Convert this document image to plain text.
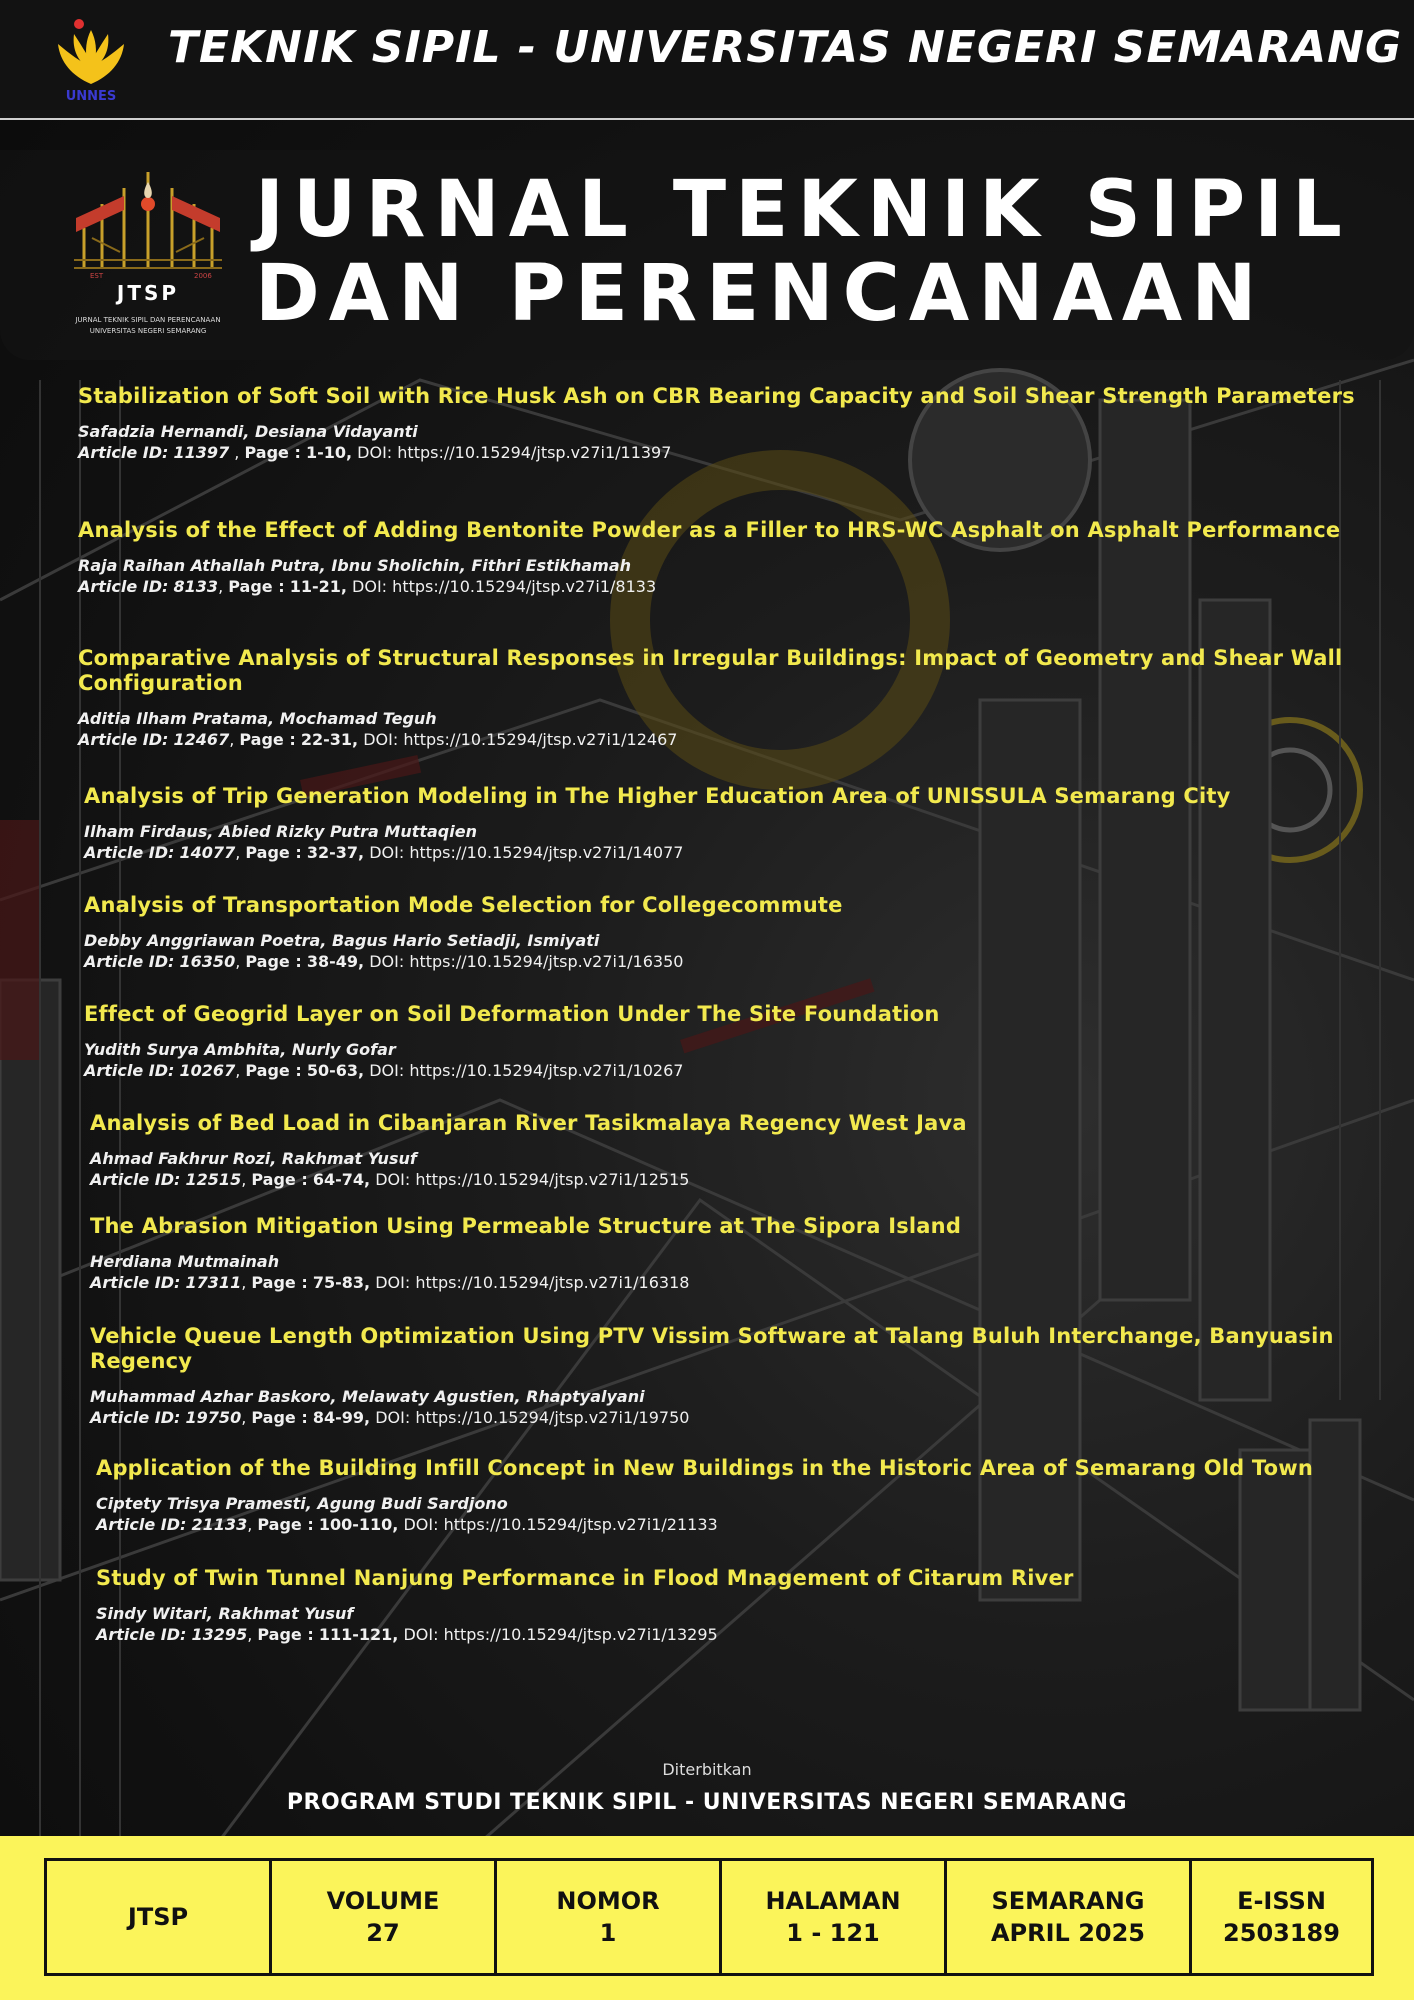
UNNES
TEKNIK SIPIL - UNIVERSITAS NEGERI SEMARANG
EST	2006
JTSP
JURNAL TEKNIK SIPIL DAN PERENCANAAN
UNIVERSITAS NEGERI SEMARANG
JURNAL TEKNIK SIPIL
DAN PERENCANAAN
Stabilization of Soft Soil with Rice Husk Ash on CBR Bearing Capacity and Soil Shear Strength Parameters
Safadzia Hernandi, Desiana Vidayanti
Article ID: 11397 , Page : 1-10, DOI: https://10.15294/jtsp.v27i1/11397
Analysis of the Effect of Adding Bentonite Powder as a Filler to HRS-WC Asphalt on Asphalt Performance
Raja Raihan Athallah Putra, Ibnu Sholichin, Fithri Estikhamah
Article ID: 8133, Page : 11-21, DOI: https://10.15294/jtsp.v27i1/8133
Comparative Analysis of Structural Responses in Irregular Buildings: Impact of Geometry and Shear Wall Configuration
Aditia Ilham Pratama, Mochamad Teguh
Article ID: 12467, Page : 22-31, DOI: https://10.15294/jtsp.v27i1/12467
Analysis of Trip Generation Modeling in The Higher Education Area of UNISSULA Semarang City
Ilham Firdaus, Abied Rizky Putra Muttaqien
Article ID: 14077, Page : 32-37, DOI: https://10.15294/jtsp.v27i1/14077
Analysis of Transportation Mode Selection for Collegecommute
Debby Anggriawan Poetra, Bagus Hario Setiadji, Ismiyati
Article ID: 16350, Page : 38-49, DOI: https://10.15294/jtsp.v27i1/16350
Effect of Geogrid Layer on Soil Deformation Under The Site Foundation
Yudith Surya Ambhita, Nurly Gofar
Article ID: 10267, Page : 50-63, DOI: https://10.15294/jtsp.v27i1/10267
Analysis of Bed Load in Cibanjaran River Tasikmalaya Regency West Java
Ahmad Fakhrur Rozi, Rakhmat Yusuf
Article ID: 12515, Page : 64-74, DOI: https://10.15294/jtsp.v27i1/12515
The Abrasion Mitigation Using Permeable Structure at The Sipora Island
Herdiana Mutmainah
Article ID: 17311, Page : 75-83, DOI: https://10.15294/jtsp.v27i1/16318
Vehicle Queue Length Optimization Using PTV Vissim Software at Talang Buluh Interchange, Banyuasin Regency
Muhammad Azhar Baskoro, Melawaty Agustien, Rhaptyalyani
Article ID: 19750, Page : 84-99, DOI: https://10.15294/jtsp.v27i1/19750
Application of the Building Infill Concept in New Buildings in the Historic Area of Semarang Old Town
Ciptety Trisya Pramesti, Agung Budi Sardjono
Article ID: 21133, Page : 100-110, DOI: https://10.15294/jtsp.v27i1/21133
Study of Twin Tunnel Nanjung Performance in Flood Mnagement of Citarum River
Sindy Witari, Rakhmat Yusuf
Article ID: 13295, Page : 111-121, DOI: https://10.15294/jtsp.v27i1/13295
Diterbitkan
PROGRAM STUDI TEKNIK SIPIL - UNIVERSITAS NEGERI SEMARANG
JTSP
VOLUME
27
NOMOR
1
HALAMAN
1 - 121
SEMARANG
APRIL 2025
E-ISSN
2503189
